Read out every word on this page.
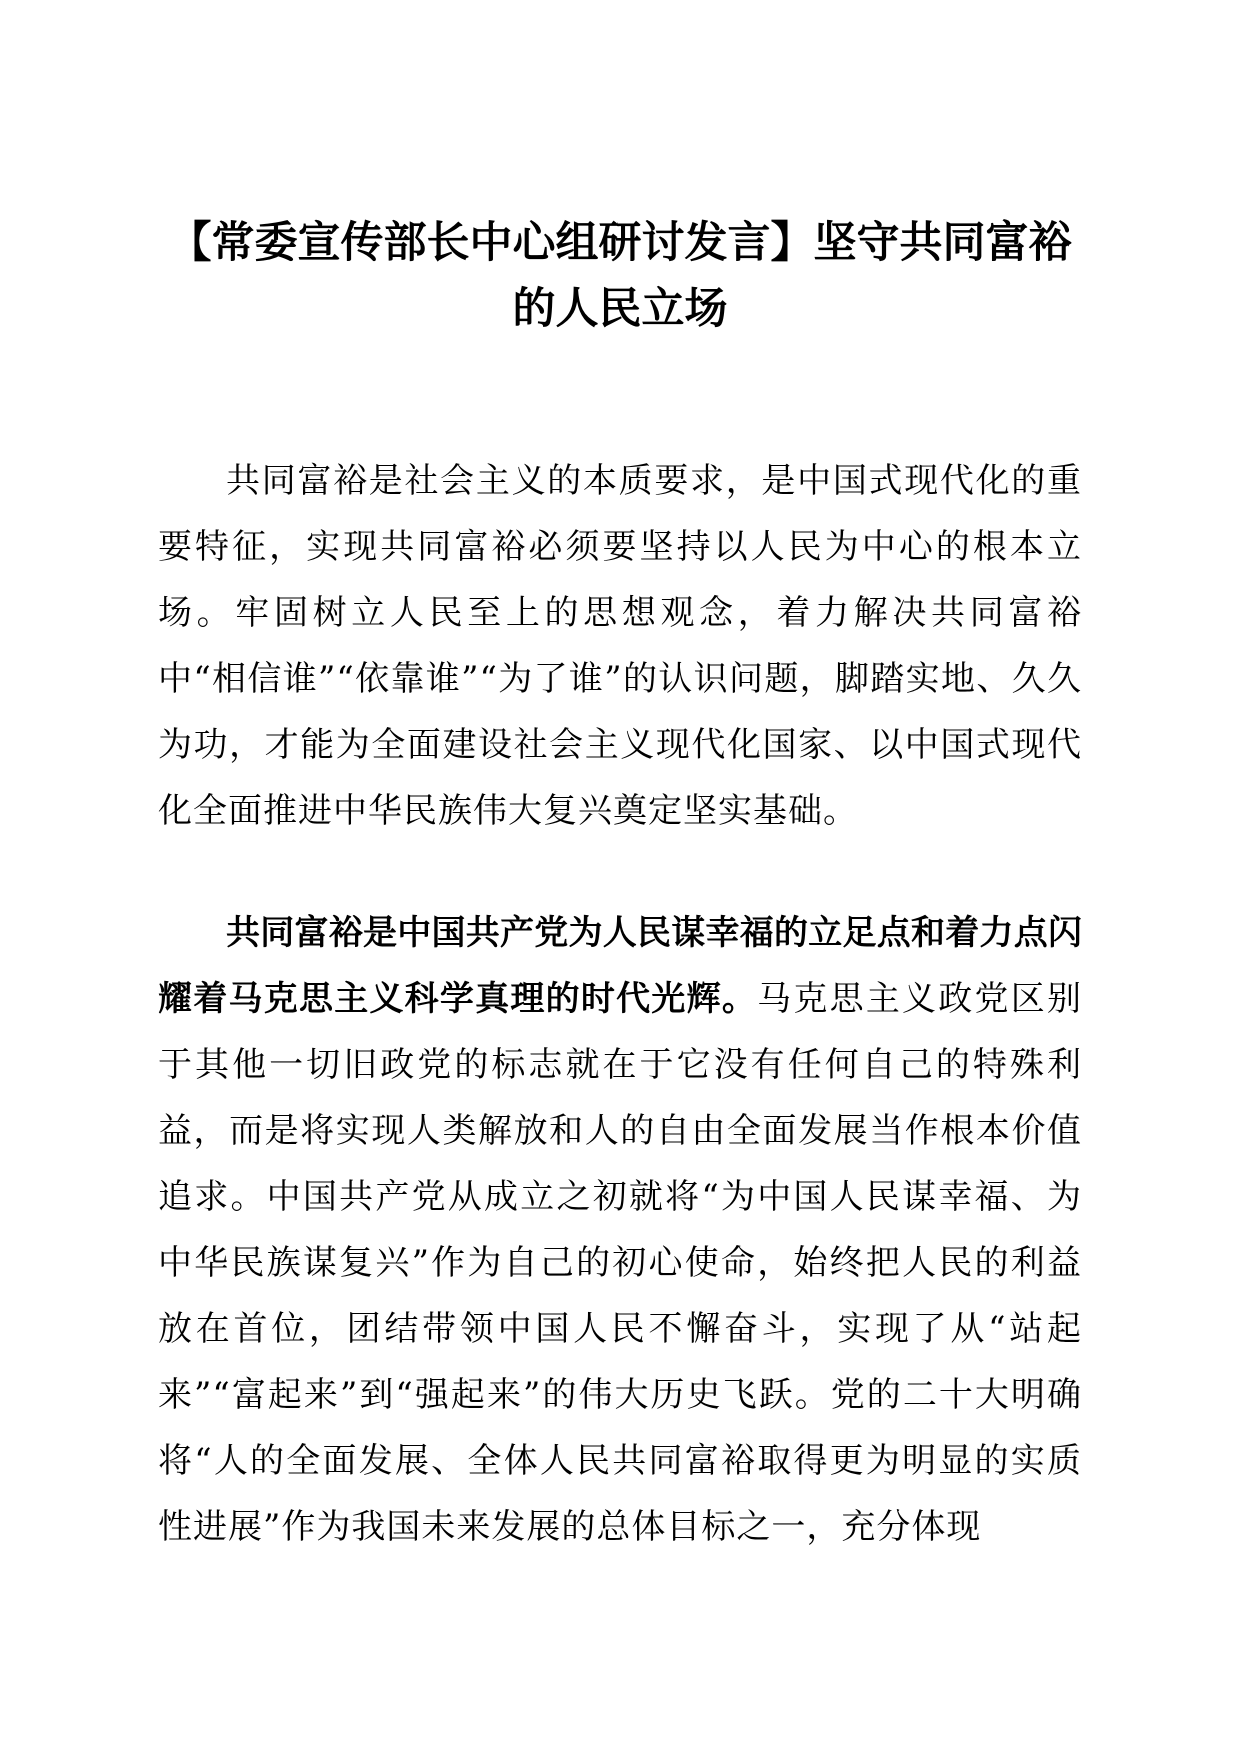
【常委宣传部长中心组研讨发言】坚守共同富裕的人民立场
共同富裕是社会主义的本质要求，是中国式现代化的重要特征，实现共同富裕必须要坚持以人民为中心的根本立场。牢固树立人民至上的思想观念，着力解决共同富裕中“相信谁”“依靠谁”“为了谁”的认识问题，脚踏实地、久久为功，才能为全面建设社会主义现代化国家、以中国式现代化全面推进中华民族伟大复兴奠定坚实基础。
共同富裕是中国共产党为人民谋幸福的立足点和着力点闪耀着马克思主义科学真理的时代光辉。马克思主义政党区别于其他一切旧政党的标志就在于它没有任何自己的特殊利益，而是将实现人类解放和人的自由全面发展当作根本价值追求。中国共产党从成立之初就将“为中国人民谋幸福、为中华民族谋复兴”作为自己的初心使命，始终把人民的利益放在首位，团结带领中国人民不懈奋斗，实现了从“站起来”“富起来”到“强起来”的伟大历史飞跃。党的二十大明确将“人的全面发展、全体人民共同富裕取得更为明显的实质性进展”作为我国未来发展的总体目标之一，充分体现
